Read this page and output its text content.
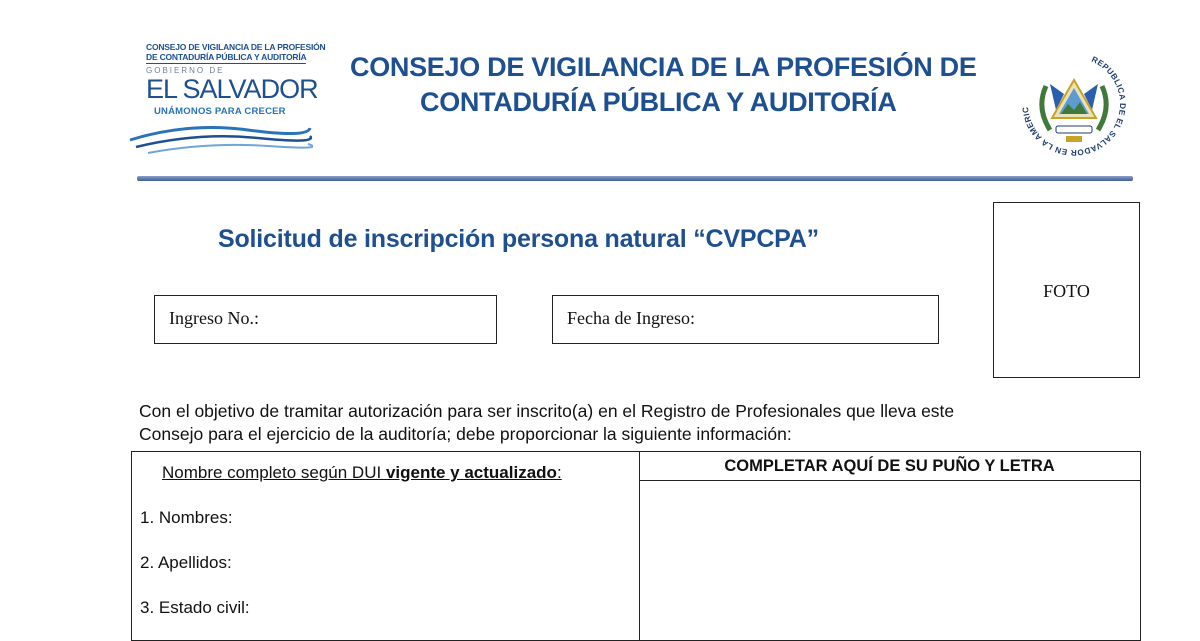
CONSEJO DE VIGILANCIA DE LA PROFESIÓN
DE CONTADURÍA PÚBLICA Y AUDITORÍA
GOBIERNO DE
EL SALVADOR
UNÁMONOS PARA CRECER
CONSEJO DE VIGILANCIA DE LA PROFESIÓN DE
CONTADURÍA PÚBLICA Y AUDITORÍA
REPUBLICA DE EL SALVADOR EN LA AMERIC
Solicitud de inscripción persona natural “CVPCPA”
Ingreso No.:	Fecha de Ingreso:
FOTO
Con el objetivo de tramitar autorización para ser inscrito(a) en el Registro de Profesionales que lleva este
Consejo para el ejercicio de la auditoría; debe proporcionar la siguiente información:
Nombre completo según DUI vigente y actualizado:	COMPLETAR AQUÍ DE SU PUÑO Y LETRA
1. Nombres:
2. Apellidos:
3. Estado civil:
